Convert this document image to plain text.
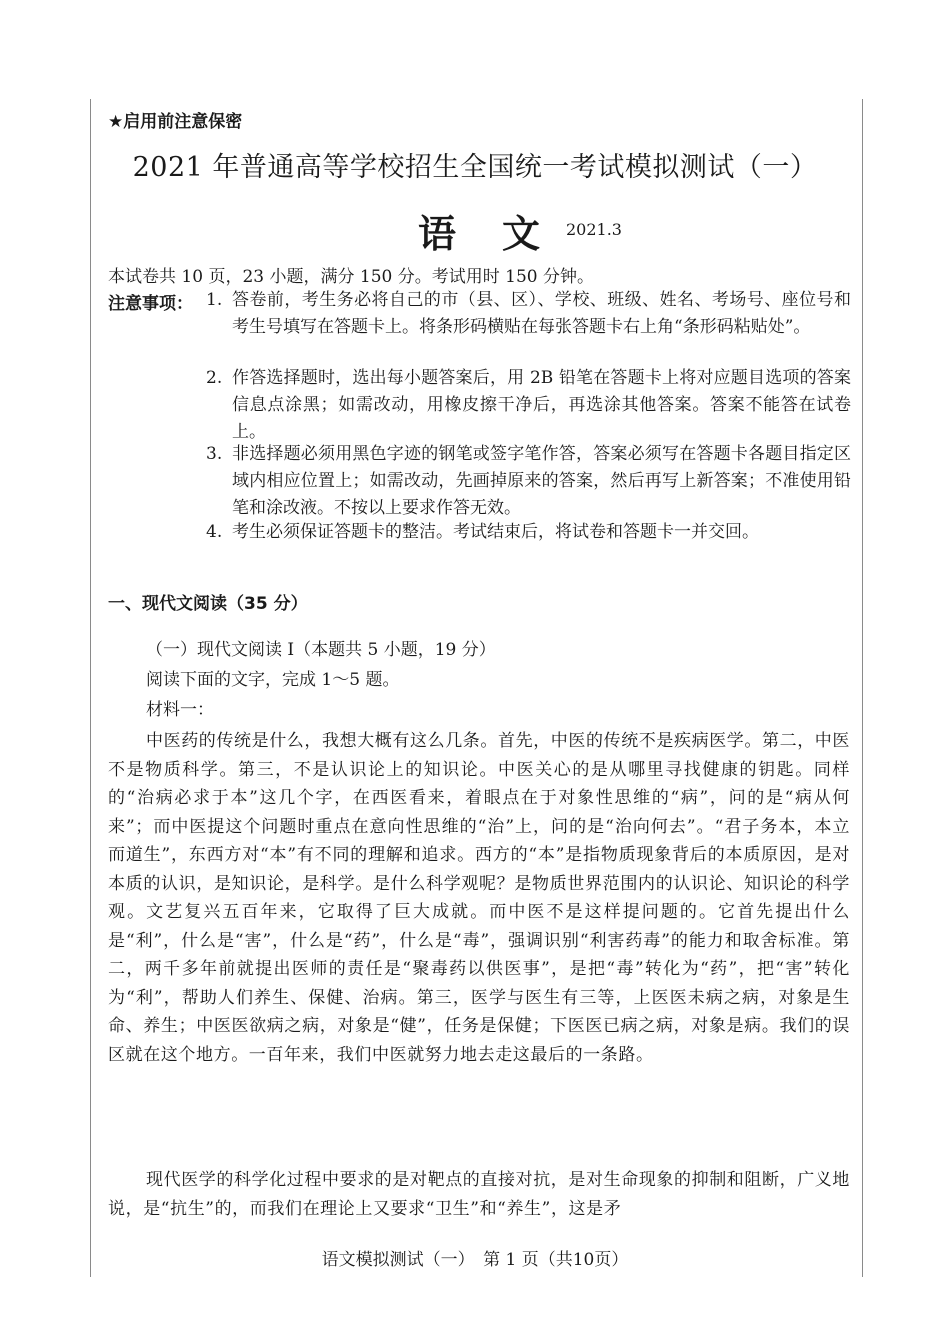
★启用前注意保密
2021 年普通高等学校招生全国统一考试模拟测试（一）
语　文 2021.3
本试卷共 10 页，23 小题，满分 150 分。考试用时 150 分钟。
注意事项： 1. 答卷前，考生务必将自己的市（县、区）、学校、班级、姓名、考场号、座位号和考生号填写在答题卡上。将条形码横贴在每张答题卡右上角“条形码粘贴处”。
2. 作答选择题时，选出每小题答案后，用 2B 铅笔在答题卡上将对应题目选项的答案信息点涂黑；如需改动，用橡皮擦干净后，再选涂其他答案。答案不能答在试卷上。
3. 非选择题必须用黑色字迹的钢笔或签字笔作答，答案必须写在答题卡各题目指定区域内相应位置上；如需改动，先画掉原来的答案，然后再写上新答案；不准使用铅笔和涂改液。不按以上要求作答无效。
4. 考生必须保证答题卡的整洁。考试结束后，将试卷和答题卡一并交回。
一、现代文阅读（35 分）
（一）现代文阅读 I（本题共 5 小题，19 分）
阅读下面的文字，完成 1～5 题。
材料一：
中医药的传统是什么，我想大概有这么几条。首先，中医的传统不是疾病医学。第二，中医不是物质科学。第三，不是认识论上的知识论。中医关心的是从哪里寻找健康的钥匙。同样的“治病必求于本”这几个字，在西医看来，着眼点在于对象性思维的“病”，问的是“病从何来”；而中医提这个问题时重点在意向性思维的“治”上，问的是“治向何去”。“君子务本，本立而道生”，东西方对“本”有不同的理解和追求。西方的“本”是指物质现象背后的本质原因，是对本质的认识，是知识论，是科学。是什么科学观呢？是物质世界范围内的认识论、知识论的科学观。文艺复兴五百年来，它取得了巨大成就。而中医不是这样提问题的。它首先提出什么是“利”，什么是“害”，什么是“药”，什么是“毒”，强调识别“利害药毒”的能力和取舍标准。第二，两千多年前就提出医师的责任是“聚毒药以供医事”，是把“毒”转化为“药”，把“害”转化为“利”，帮助人们养生、保健、治病。第三，医学与医生有三等，上医医未病之病，对象是生命、养生；中医医欲病之病，对象是“健”，任务是保健；下医医已病之病，对象是病。我们的误区就在这个地方。一百年来，我们中医就努力地去走这最后的一条路。
现代医学的科学化过程中要求的是对靶点的直接对抗，是对生命现象的抑制和阻断，广义地说，是“抗生”的，而我们在理论上又要求“卫生”和“养生”，这是矛
语文模拟测试（一）　第 1 页（共10页）
